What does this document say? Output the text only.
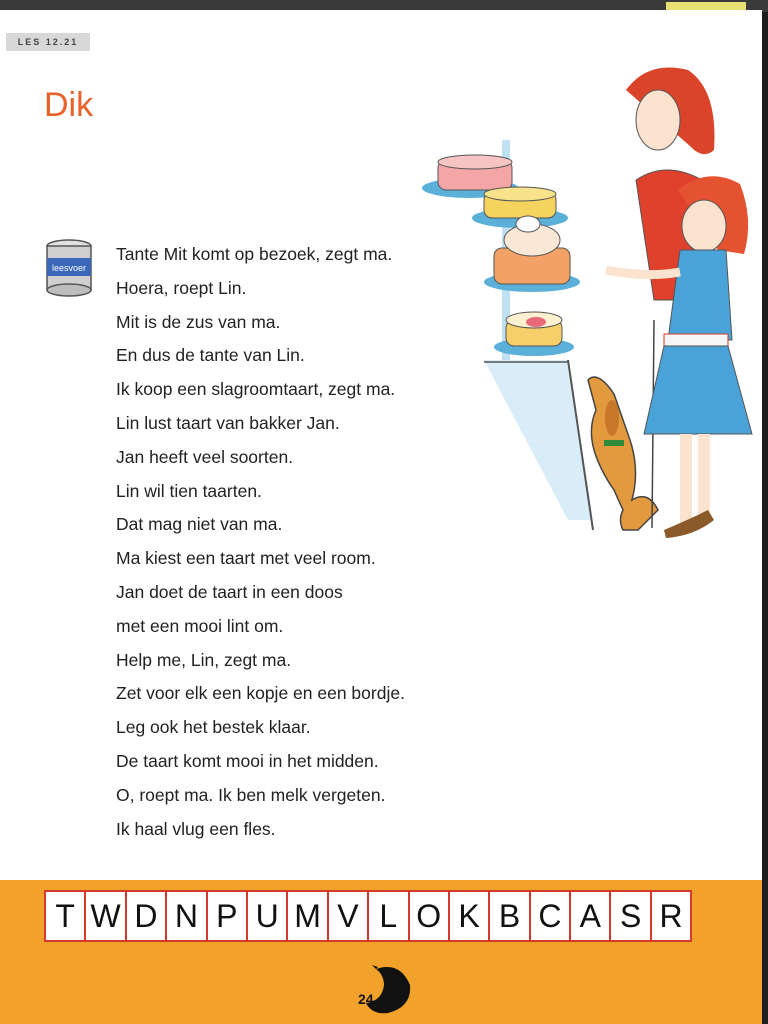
LES 12.21
Dik
leesvoer
Tante Mit komt op bezoek, zegt ma.
Hoera, roept Lin.
Mit is de zus van ma.
En dus de tante van Lin.
Ik koop een slagroomtaart, zegt ma.
Lin lust taart van bakker Jan.
Jan heeft veel soorten.
Lin wil tien taarten.
Dat mag niet van ma.
Ma kiest een taart met veel room.
Jan doet de taart in een doos
met een mooi lint om.
Help me, Lin, zegt ma.
Zet voor elk een kopje en een bordje.
Leg ook het bestek klaar.
De taart komt mooi in het midden.
O, roept ma. Ik ben melk vergeten.
Ik haal vlug een fles.
T W D N P U M V L O K B C A S R
24
